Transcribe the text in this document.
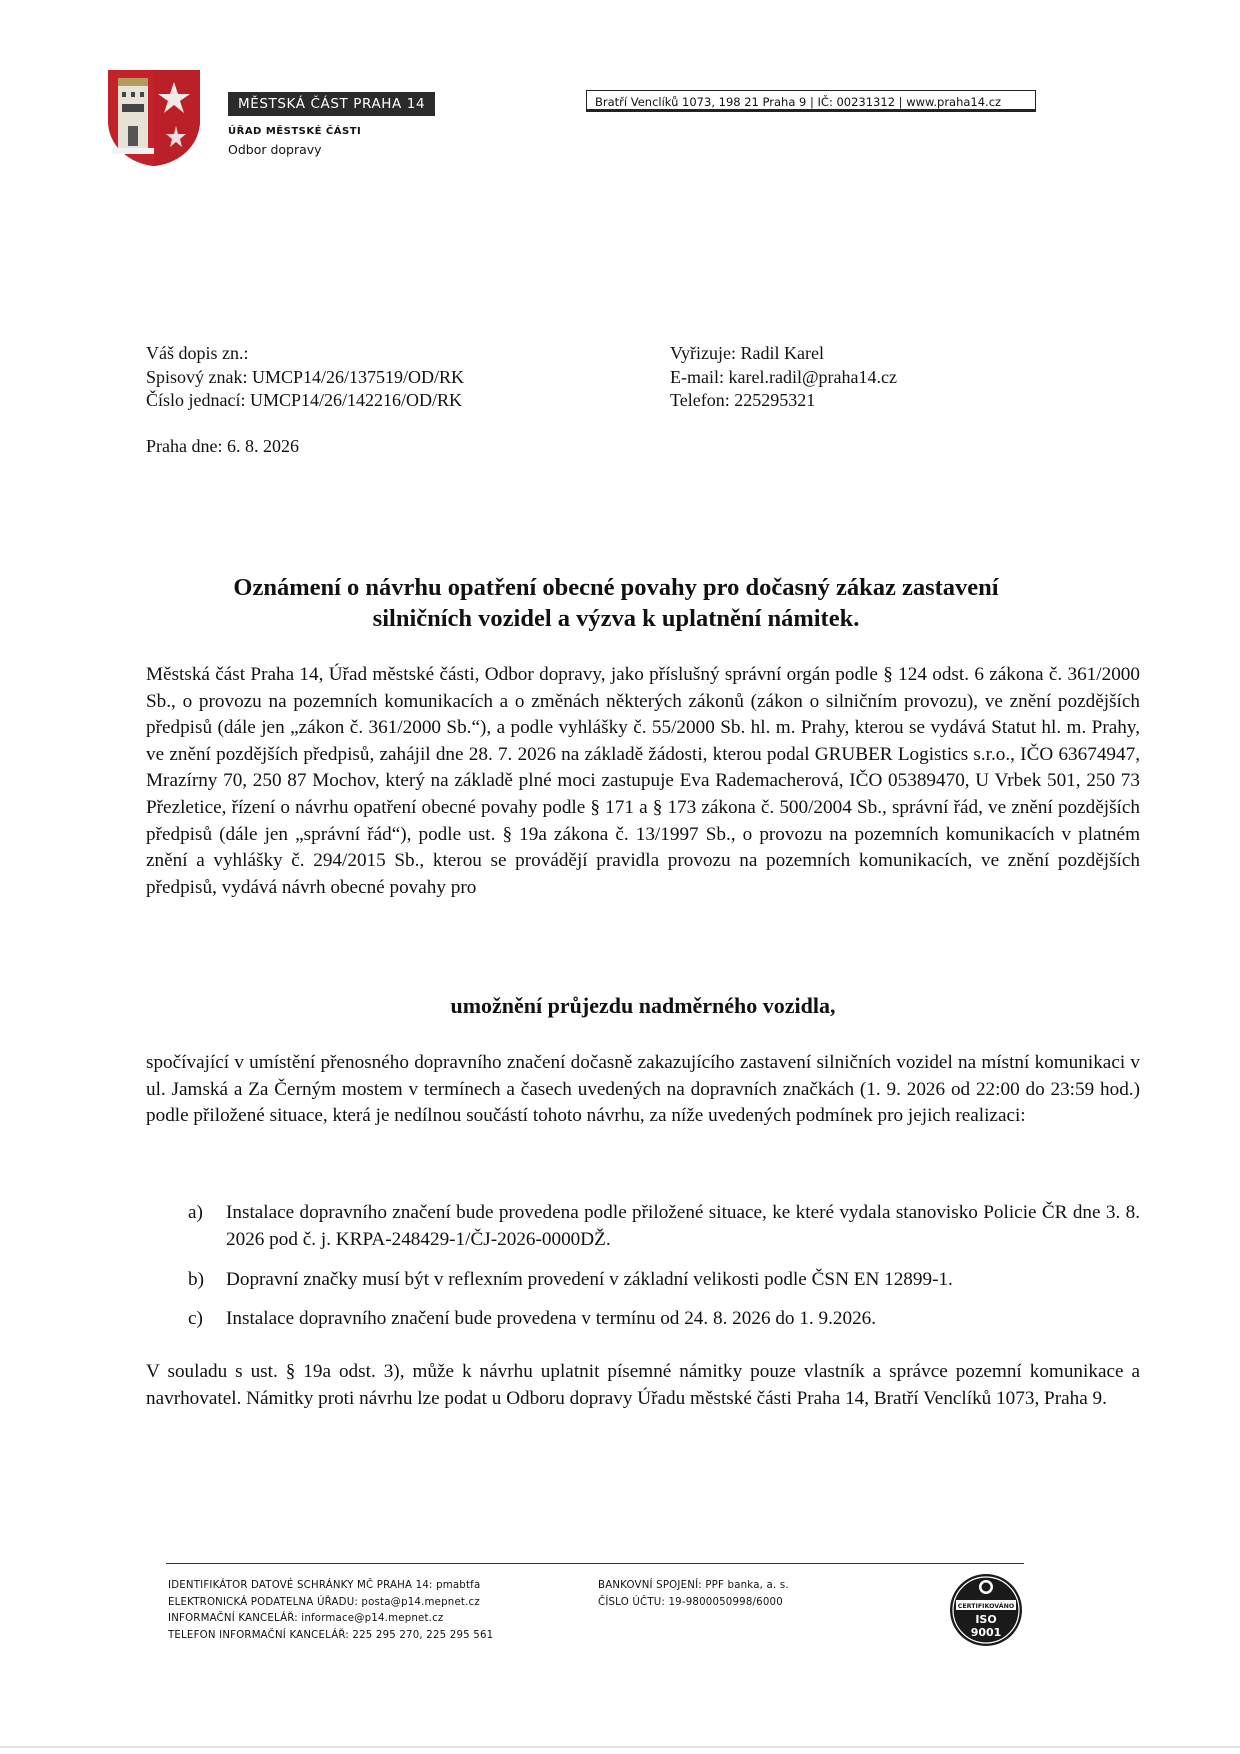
MĚSTSKÁ ČÁST PRAHA 14
ÚŘAD MĚSTSKÉ ČÁSTI
Odbor dopravy
Bratří Venclíků 1073, 198 21 Praha 9 | IČ: 00231312 | www.praha14.cz
Váš dopis zn.:
Spisový znak: UMCP14/26/137519/OD/RK
Číslo jednací: UMCP14/26/142216/OD/RK
Vyřizuje: Radil Karel
E-mail: karel.radil@praha14.cz
Telefon: 225295321
Praha dne: 6. 8. 2026
Oznámení o návrhu opatření obecné povahy pro dočasný zákaz zastavení
silničních vozidel a výzva k uplatnění námitek.
Městská část Praha 14, Úřad městské části, Odbor dopravy, jako příslušný správní orgán podle § 124 odst. 6 zákona č. 361/2000 Sb., o provozu na pozemních komunikacích a o změnách některých zákonů (zákon o silničním provozu), ve znění pozdějších předpisů (dále jen „zákon č. 361/2000 Sb.“), a podle vyhlášky č. 55/2000 Sb. hl. m. Prahy, kterou se vydává Statut hl. m. Prahy, ve znění pozdějších předpisů, zahájil dne 28. 7. 2026 na základě žádosti, kterou podal GRUBER Logistics s.r.o., IČO 63674947, Mrazírny 70, 250 87 Mochov, který na základě plné moci zastupuje Eva Rademacherová, IČO 05389470, U Vrbek 501, 250 73 Přezletice, řízení o návrhu opatření obecné povahy podle § 171 a § 173 zákona č. 500/2004 Sb., správní řád, ve znění pozdějších předpisů (dále jen „správní řád“), podle ust. § 19a zákona č. 13/1997 Sb., o provozu na pozemních komunikacích v platném znění a vyhlášky č. 294/2015 Sb., kterou se provádějí pravidla provozu na pozemních komunikacích, ve znění pozdějších předpisů, vydává návrh obecné povahy pro
umožnění průjezdu nadměrného vozidla,
spočívající v umístění přenosného dopravního značení dočasně zakazujícího zastavení silničních vozidel na místní komunikaci v ul. Jamská a Za Černým mostem v termínech a časech uvedených na dopravních značkách (1. 9. 2026 od 22:00 do 23:59 hod.) podle přiložené situace, která je nedílnou součástí tohoto návrhu, za níže uvedených podmínek pro jejich realizaci:
a) Instalace dopravního značení bude provedena podle přiložené situace, ke které vydala stanovisko Policie ČR dne 3. 8. 2026 pod č. j. KRPA-248429-1/ČJ-2026-0000DŽ.
b) Dopravní značky musí být v reflexním provedení v základní velikosti podle ČSN EN 12899-1.
c) Instalace dopravního značení bude provedena v termínu od 24. 8. 2026 do 1. 9.2026.
V souladu s ust. § 19a odst. 3), může k návrhu uplatnit písemné námitky pouze vlastník a správce pozemní komunikace a navrhovatel. Námitky proti návrhu lze podat u Odboru dopravy Úřadu městské části Praha 14, Bratří Venclíků 1073, Praha 9.
IDENTIFIKÁTOR DATOVÉ SCHRÁNKY MČ PRAHA 14: pmabtfa
ELEKTRONICKÁ PODATELNA ÚŘADU: posta@p14.mepnet.cz
INFORMAČNÍ KANCELÁŘ: informace@p14.mepnet.cz
TELEFON INFORMAČNÍ KANCELÁŘ: 225 295 270, 225 295 561
BANKOVNÍ SPOJENÍ: PPF banka, a. s.
ČÍSLO ÚČTU: 19-9800050998/6000	CERTIFIKOVÁNO
ISO
9001
